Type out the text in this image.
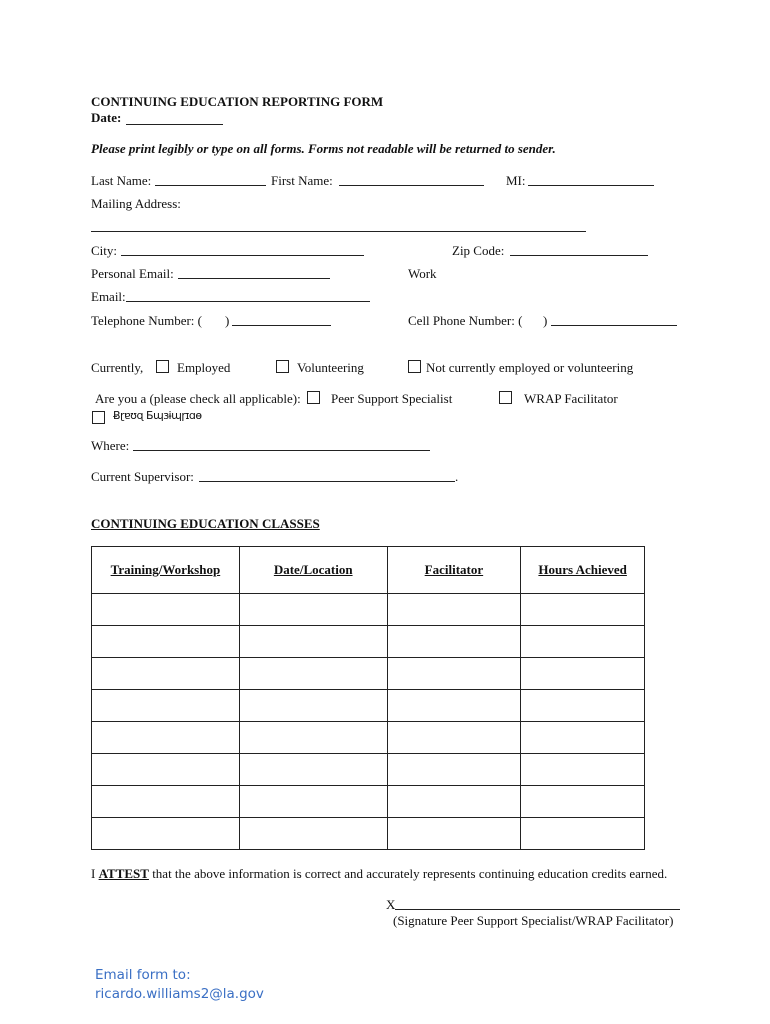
CONTINUING EDUCATION REPORTING FORM
Date:
Please print legibly or type on all forms. Forms not readable will be returned to sender.
Last Name:	First Name:	MI:
Mailing Address:
City:	Zip Code:
Personal Email:	Work
Email:
Telephone Number: ( )	Cell Phone Number: ( )
Currently,	Employed	Volunteering	Not currently employed or volunteering
Are you a (please check all applicable): Peer Support Specialist	WRAP Facilitator
Ƀɽɐʊɋ Ƃɰɜɨɰɼɪɑɵ
Where:
Current Supervisor:	.
CONTINUING EDUCATION CLASSES
Training/Workshop	Date/Location	Facilitator	Hours Achieved

I ATTEST that the above information is correct and accurately represents continuing education credits earned.
X
(Signature Peer Support Specialist/WRAP Facilitator)
Email form to:
ricardo.williams2@la.gov
